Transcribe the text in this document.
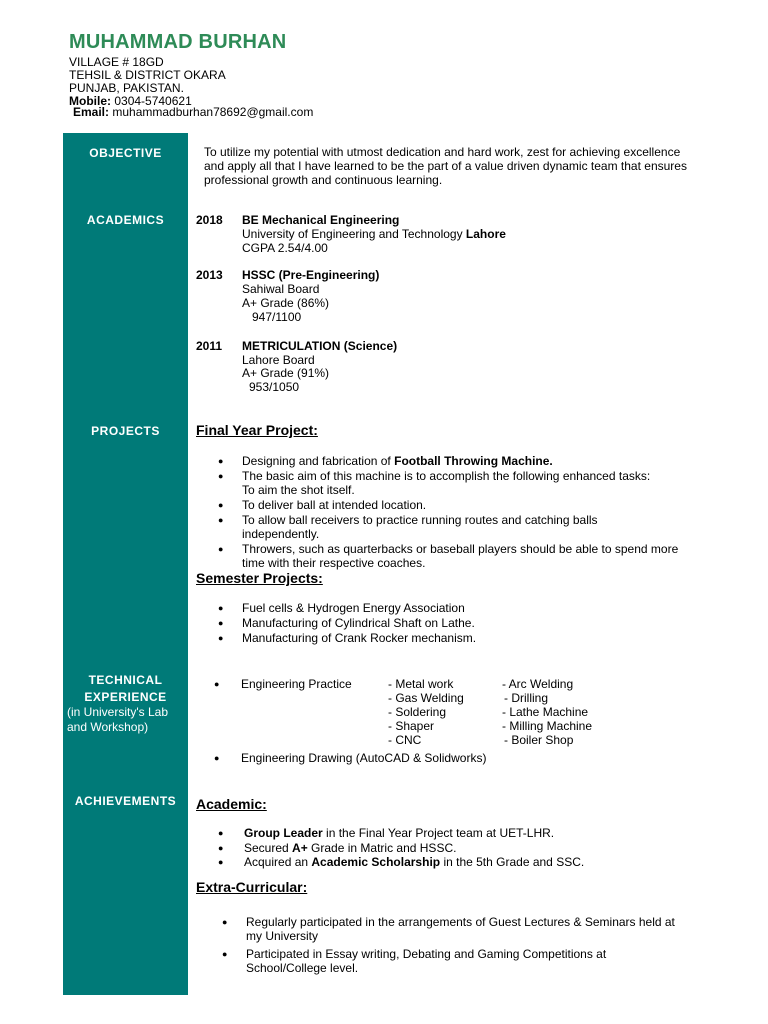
MUHAMMAD BURHAN
VILLAGE # 18GD
TEHSIL & DISTRICT OKARA
PUNJAB, PAKISTAN.
Mobile: 0304-5740621
Email: muhammadburhan78692@gmail.com
OBJECTIVE
ACADEMICS
PROJECTS
TECHNICAL
EXPERIENCE
(in University's Lab
and Workshop)
ACHIEVEMENTS
To utilize my potential with utmost dedication and hard work, zest for achieving excellence and apply all that I have learned to be the part of a value driven dynamic team that ensures professional growth and continuous learning.
2018 BE Mechanical Engineering
University of Engineering and Technology Lahore
CGPA 2.54/4.00
2013 HSSC (Pre-Engineering)
Sahiwal Board
A+ Grade (86%)
947/1100
2011 METRICULATION (Science)
Lahore Board
A+ Grade (91%)
953/1050
Final Year Project:
● Designing and fabrication of Football Throwing Machine.
● The basic aim of this machine is to accomplish the following enhanced tasks:
To aim the shot itself.
● To deliver ball at intended location.
● To allow ball receivers to practice running routes and catching balls independently.
● Throwers, such as quarterbacks or baseball players should be able to spend more time with their respective coaches.
Semester Projects:
● Fuel cells & Hydrogen Energy Association
● Manufacturing of Cylindrical Shaft on Lathe.
● Manufacturing of Crank Rocker mechanism.
● Engineering Practice	- Metal work
- Gas Welding
- Soldering
- Shaper
- CNC
- Arc Welding
- Drilling
- Lathe Machine
- Milling Machine
- Boiler Shop
● Engineering Drawing (AutoCAD & Solidworks)
Academic:
● Group Leader in the Final Year Project team at UET-LHR.
● Secured A+ Grade in Matric and HSSC.
● Acquired an Academic Scholarship in the 5th Grade and SSC.
Extra-Curricular:
● Regularly participated in the arrangements of Guest Lectures & Seminars held at my University
● Participated in Essay writing, Debating and Gaming Competitions at School/College level.
